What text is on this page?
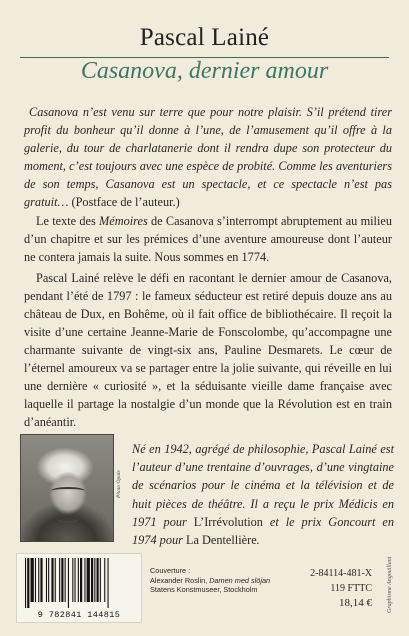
Pascal Lainé
Casanova, dernier amour
Casanova n’est venu sur terre que pour notre plaisir. S’il prétend tirer profit du bonheur qu’il donne à l’une, de l’amusement qu’il offre à la galerie, du tour de charlatanerie dont il rendra dupe son protecteur du moment, c’est toujours avec une espèce de probité. Comme les aventuriers de son temps, Casanova est un spectacle, et ce spectacle n’est pas gratuit… (Postface de l’auteur.)

Le texte des Mémoires de Casanova s’interrompt abruptement au milieu d’un chapitre et sur les prémices d’une aventure amoureuse dont l’auteur ne contera jamais la suite. Nous sommes en 1774.

Pascal Lainé relève le défi en racontant le dernier amour de Casanova, pendant l’été de 1797 : le fameux séducteur est retiré depuis douze ans au château de Dux, en Bohême, où il fait office de bibliothécaire. Il reçoit la visite d’une certaine Jeanne-Marie de Fonscolombe, qu’accompagne une charmante suivante de vingt-six ans, Pauline Desmarets. Le cœur de l’éternel amoureux va se partager entre la jolie suivante, qui réveille en lui une dernière « curiosité », et la séduisante vieille dame française avec laquelle il partage la nostalgie d’un monde que la Révolution est en train d’anéantir.

Photo Opale
Né en 1942, agrégé de philosophie, Pascal Lainé est l’auteur d’une trentaine d’ouvrages, d’une vingtaine de scénarios pour le cinéma et la télévision et de huit pièces de théâtre. Il a reçu le prix Médicis en 1971 pour L’Irrévolution et le prix Goncourt en 1974 pour La Dentellière.
9 782841 144815
Couverture :
Alexander Roslin, Damen med slöjan
Statens Konstmuseer, Stockholm
2-84114-481-X
119 FTTC
18,14 €	Graphisme Angouillant
